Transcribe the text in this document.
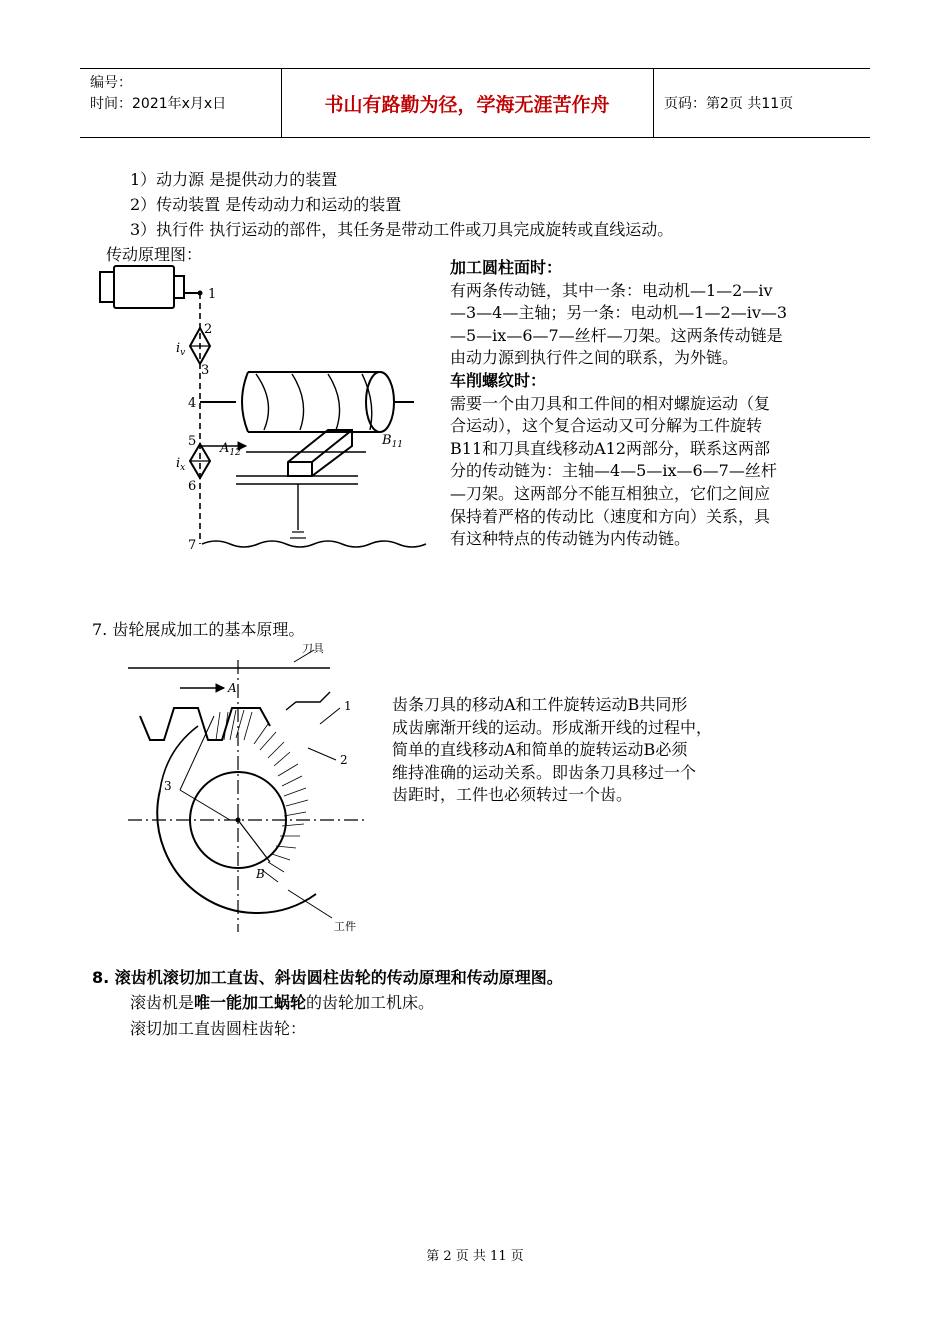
编号：
时间：2021年x月x日	书山有路勤为径，学海无涯苦作舟	页码：第2页 共11页
1）动力源 是提供动力的装置
2）传动装置 是传动动力和运动的装置
3）执行件 执行运动的部件，其任务是带动工件或刀具完成旋转或直线运动。
传动原理图：
1
2
3
4
5
6
7
$i_v$
$i_x$
$A_{12}$
$B_{11}$
加工圆柱面时：
有两条传动链，其中一条：电动机—1—2—iv
—3—4—主轴；另一条：电动机—1—2—iv—3
—5—ix—6—7—丝杆—刀架。这两条传动链是
由动力源到执行件之间的联系，为外链。
车削螺纹时：
需要一个由刀具和工件间的相对螺旋运动（复
合运动），这个复合运动又可分解为工件旋转
B11和刀具直线移动A12两部分，联系这两部
分的传动链为：主轴—4—5—ix—6—7—丝杆
—刀架。这两部分不能互相独立，它们之间应
保持着严格的传动比（速度和方向）关系，具
有这种特点的传动链为内传动链。
7. 齿轮展成加工的基本原理。
刀具
1
2
3
A
B
工件
齿条刀具的移动A和工件旋转运动B共同形
成齿廓渐开线的运动。形成渐开线的过程中，
简单的直线移动A和简单的旋转运动B必须
维持准确的运动关系。即齿条刀具移过一个
齿距时，工件也必须转过一个齿。
8. 滚齿机滚切加工直齿、斜齿圆柱齿轮的传动原理和传动原理图。
滚齿机是唯一能加工蜗轮的齿轮加工机床。
滚切加工直齿圆柱齿轮：
第 2 页 共 11 页
